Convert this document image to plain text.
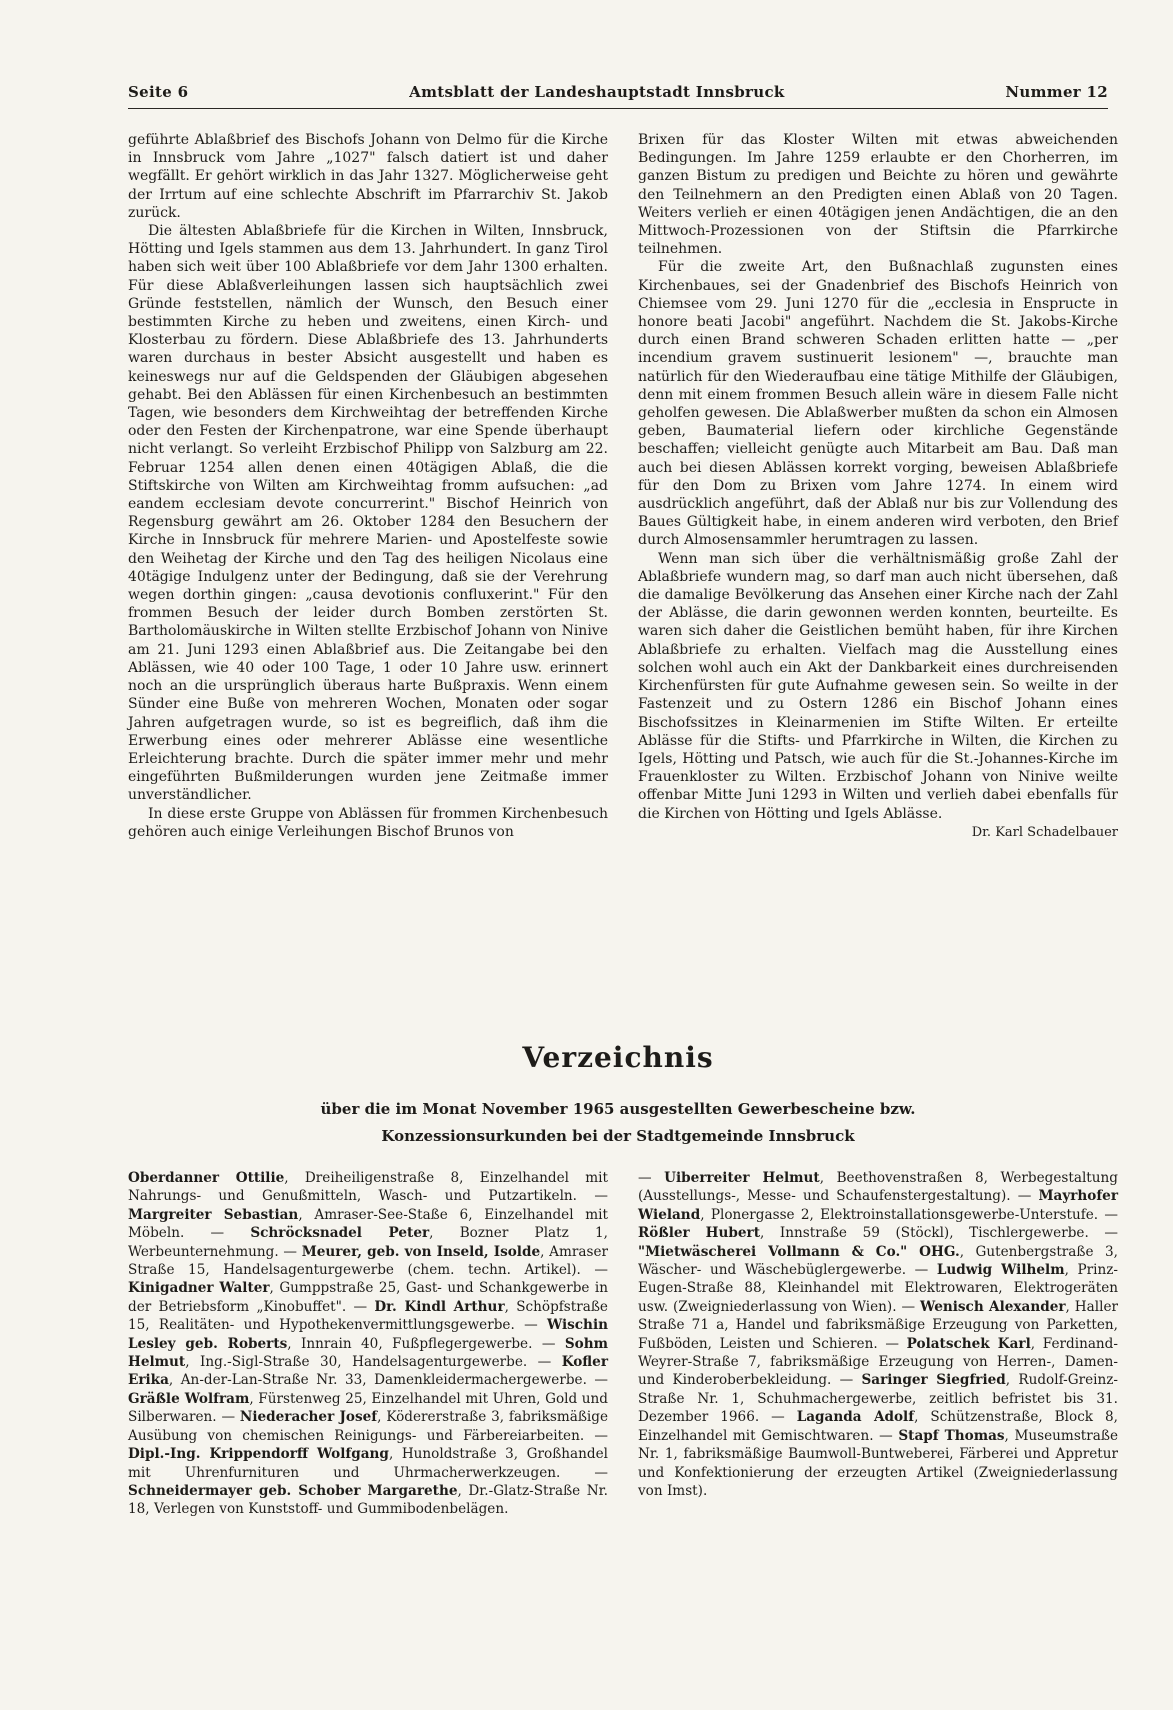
Seite 6	Amtsblatt der Landeshauptstadt Innsbruck	Nummer 12

geführte Ablaßbrief des Bischofs Johann von Delmo für die Kirche in Innsbruck vom Jahre „1027" falsch datiert ist und daher wegfällt. Er gehört wirklich in das Jahr 1327. Möglicherweise geht der Irrtum auf eine schlechte Abschrift im Pfarrarchiv St. Jakob zurück.

Die ältesten Ablaßbriefe für die Kirchen in Wilten, Innsbruck, Hötting und Igels stammen aus dem 13. Jahrhundert. In ganz Tirol haben sich weit über 100 Ablaßbriefe vor dem Jahr 1300 erhalten. Für diese Ablaßverleihungen lassen sich hauptsächlich zwei Gründe feststellen, nämlich der Wunsch, den Besuch einer bestimmten Kirche zu heben und zweitens, einen Kirch- und Klosterbau zu fördern. Diese Ablaßbriefe des 13. Jahrhunderts waren durchaus in bester Absicht ausgestellt und haben es keineswegs nur auf die Geldspenden der Gläubigen abgesehen gehabt. Bei den Ablässen für einen Kirchenbesuch an bestimmten Tagen, wie besonders dem Kirchweihtag der betreffenden Kirche oder den Festen der Kirchenpatrone, war eine Spende überhaupt nicht verlangt. So verleiht Erzbischof Philipp von Salzburg am 22. Februar 1254 allen denen einen 40tägigen Ablaß, die die Stiftskirche von Wilten am Kirchweihtag fromm aufsuchen: „ad eandem ecclesiam devote concurrerint." Bischof Heinrich von Regensburg gewährt am 26. Oktober 1284 den Besuchern der Kirche in Innsbruck für mehrere Marien- und Apostelfeste sowie den Weihetag der Kirche und den Tag des heiligen Nicolaus eine 40tägige Indulgenz unter der Bedingung, daß sie der Verehrung wegen dorthin gingen: „causa devotionis confluxerint." Für den frommen Besuch der leider durch Bomben zerstörten St. Bartholomäuskirche in Wilten stellte Erzbischof Johann von Ninive am 21. Juni 1293 einen Ablaßbrief aus. Die Zeitangabe bei den Ablässen, wie 40 oder 100 Tage, 1 oder 10 Jahre usw. erinnert noch an die ursprünglich überaus harte Bußpraxis. Wenn einem Sünder eine Buße von mehreren Wochen, Monaten oder sogar Jahren aufgetragen wurde, so ist es begreiflich, daß ihm die Erwerbung eines oder mehrerer Ablässe eine wesentliche Erleichterung brachte. Durch die später immer mehr und mehr eingeführten Bußmilderungen wurden jene Zeitmaße immer unverständlicher.

In diese erste Gruppe von Ablässen für frommen Kirchenbesuch gehören auch einige Verleihungen Bischof Brunos von

Brixen für das Kloster Wilten mit etwas abweichenden Bedingungen. Im Jahre 1259 erlaubte er den Chorherren, im ganzen Bistum zu predigen und Beichte zu hören und gewährte den Teilnehmern an den Predigten einen Ablaß von 20 Tagen. Weiters verlieh er einen 40tägigen jenen Andächtigen, die an den Mittwoch-Prozessionen von der Stiftsin die Pfarrkirche teilnehmen.

Für die zweite Art, den Bußnachlaß zugunsten eines Kirchenbaues, sei der Gnadenbrief des Bischofs Heinrich von Chiemsee vom 29. Juni 1270 für die „ecclesia in Enspructe in honore beati Jacobi" angeführt. Nachdem die St. Jakobs-Kirche durch einen Brand schweren Schaden erlitten hatte — „per incendium gravem sustinuerit lesionem" —, brauchte man natürlich für den Wiederaufbau eine tätige Mithilfe der Gläubigen, denn mit einem frommen Besuch allein wäre in diesem Falle nicht geholfen gewesen. Die Ablaßwerber mußten da schon ein Almosen geben, Baumaterial liefern oder kirchliche Gegenstände beschaffen; vielleicht genügte auch Mitarbeit am Bau. Daß man auch bei diesen Ablässen korrekt vorging, beweisen Ablaßbriefe für den Dom zu Brixen vom Jahre 1274. In einem wird ausdrücklich angeführt, daß der Ablaß nur bis zur Vollendung des Baues Gültigkeit habe, in einem anderen wird verboten, den Brief durch Almosensammler herumtragen zu lassen.

Wenn man sich über die verhältnismäßig große Zahl der Ablaßbriefe wundern mag, so darf man auch nicht übersehen, daß die damalige Bevölkerung das Ansehen einer Kirche nach der Zahl der Ablässe, die darin gewonnen werden konnten, beurteilte. Es waren sich daher die Geistlichen bemüht haben, für ihre Kirchen Ablaßbriefe zu erhalten. Vielfach mag die Ausstellung eines solchen wohl auch ein Akt der Dankbarkeit eines durchreisenden Kirchenfürsten für gute Aufnahme gewesen sein. So weilte in der Fastenzeit und zu Ostern 1286 ein Bischof Johann eines Bischofssitzes in Kleinarmenien im Stifte Wilten. Er erteilte Ablässe für die Stifts- und Pfarrkirche in Wilten, die Kirchen zu Igels, Hötting und Patsch, wie auch für die St.-Johannes-Kirche im Frauenkloster zu Wilten. Erzbischof Johann von Ninive weilte offenbar Mitte Juni 1293 in Wilten und verlieh dabei ebenfalls für die Kirchen von Hötting und Igels Ablässe.

Dr. Karl Schadelbauer
Verzeichnis
über die im Monat November 1965 ausgestellten Gewerbescheine bzw. Konzessionsurkunden bei der Stadtgemeinde Innsbruck

Oberdanner Ottilie, Dreiheiligenstraße 8, Einzelhandel mit Nahrungs- und Genußmitteln, Wasch- und Putzartikeln. — Margreiter Sebastian, Amraser-See-Staße 6, Einzelhandel mit Möbeln. — Schröcksnadel Peter, Bozner Platz 1, Werbeunternehmung. — Meurer, geb. von Inseld, Isolde, Amraser Straße 15, Handelsagenturgewerbe (chem. techn. Artikel). — Kinigadner Walter, Gumppstraße 25, Gast- und Schankgewerbe in der Betriebsform „Kinobuffet". — Dr. Kindl Arthur, Schöpfstraße 15, Realitäten- und Hypothekenvermittlungsgewerbe. — Wischin Lesley geb. Roberts, Innrain 40, Fußpflegergewerbe. — Sohm Helmut, Ing.-Sigl-Straße 30, Handelsagenturgewerbe. — Kofler Erika, An-der-Lan-Straße Nr. 33, Damenkleidermachergewerbe. — Gräßle Wolfram, Fürstenweg 25, Einzelhandel mit Uhren, Gold und Silberwaren. — Niederacher Josef, Ködererstraße 3, fabriksmäßige Ausübung von chemischen Reinigungs- und Färbereiarbeiten. — Dipl.-Ing. Krippendorff Wolfgang, Hunoldstraße 3, Großhandel mit Uhrenfurnituren und Uhrmacherwerkzeugen. — Schneidermayer geb. Schober Margarethe, Dr.-Glatz-Straße Nr. 18, Verlegen von Kunststoff- und Gummibodenbelägen.

— Uiberreiter Helmut, Beethovenstraßen 8, Werbegestaltung (Ausstellungs-, Messe- und Schaufenstergestaltung). — Mayrhofer Wieland, Plonergasse 2, Elektroinstallationsgewerbe-Unterstufe. — Rößler Hubert, Innstraße 59 (Stöckl), Tischlergewerbe. — "Mietwäscherei Vollmann & Co." OHG., Gutenbergstraße 3, Wäscher- und Wäschebüglergewerbe. — Ludwig Wilhelm, Prinz-Eugen-Straße 88, Kleinhandel mit Elektrowaren, Elektrogeräten usw. (Zweigniederlassung von Wien). — Wenisch Alexander, Haller Straße 71 a, Handel und fabriksmäßige Erzeugung von Parketten, Fußböden, Leisten und Schieren. — Polatschek Karl, Ferdinand-Weyrer-Straße 7, fabriksmäßige Erzeugung von Herren-, Damen- und Kinderoberbekleidung. — Saringer Siegfried, Rudolf-Greinz-Straße Nr. 1, Schuhmachergewerbe, zeitlich befristet bis 31. Dezember 1966. — Laganda Adolf, Schützenstraße, Block 8, Einzelhandel mit Gemischtwaren. — Stapf Thomas, Museumstraße Nr. 1, fabriksmäßige Baumwoll-Buntweberei, Färberei und Appretur und Konfektionierung der erzeugten Artikel (Zweigniederlassung von Imst).
